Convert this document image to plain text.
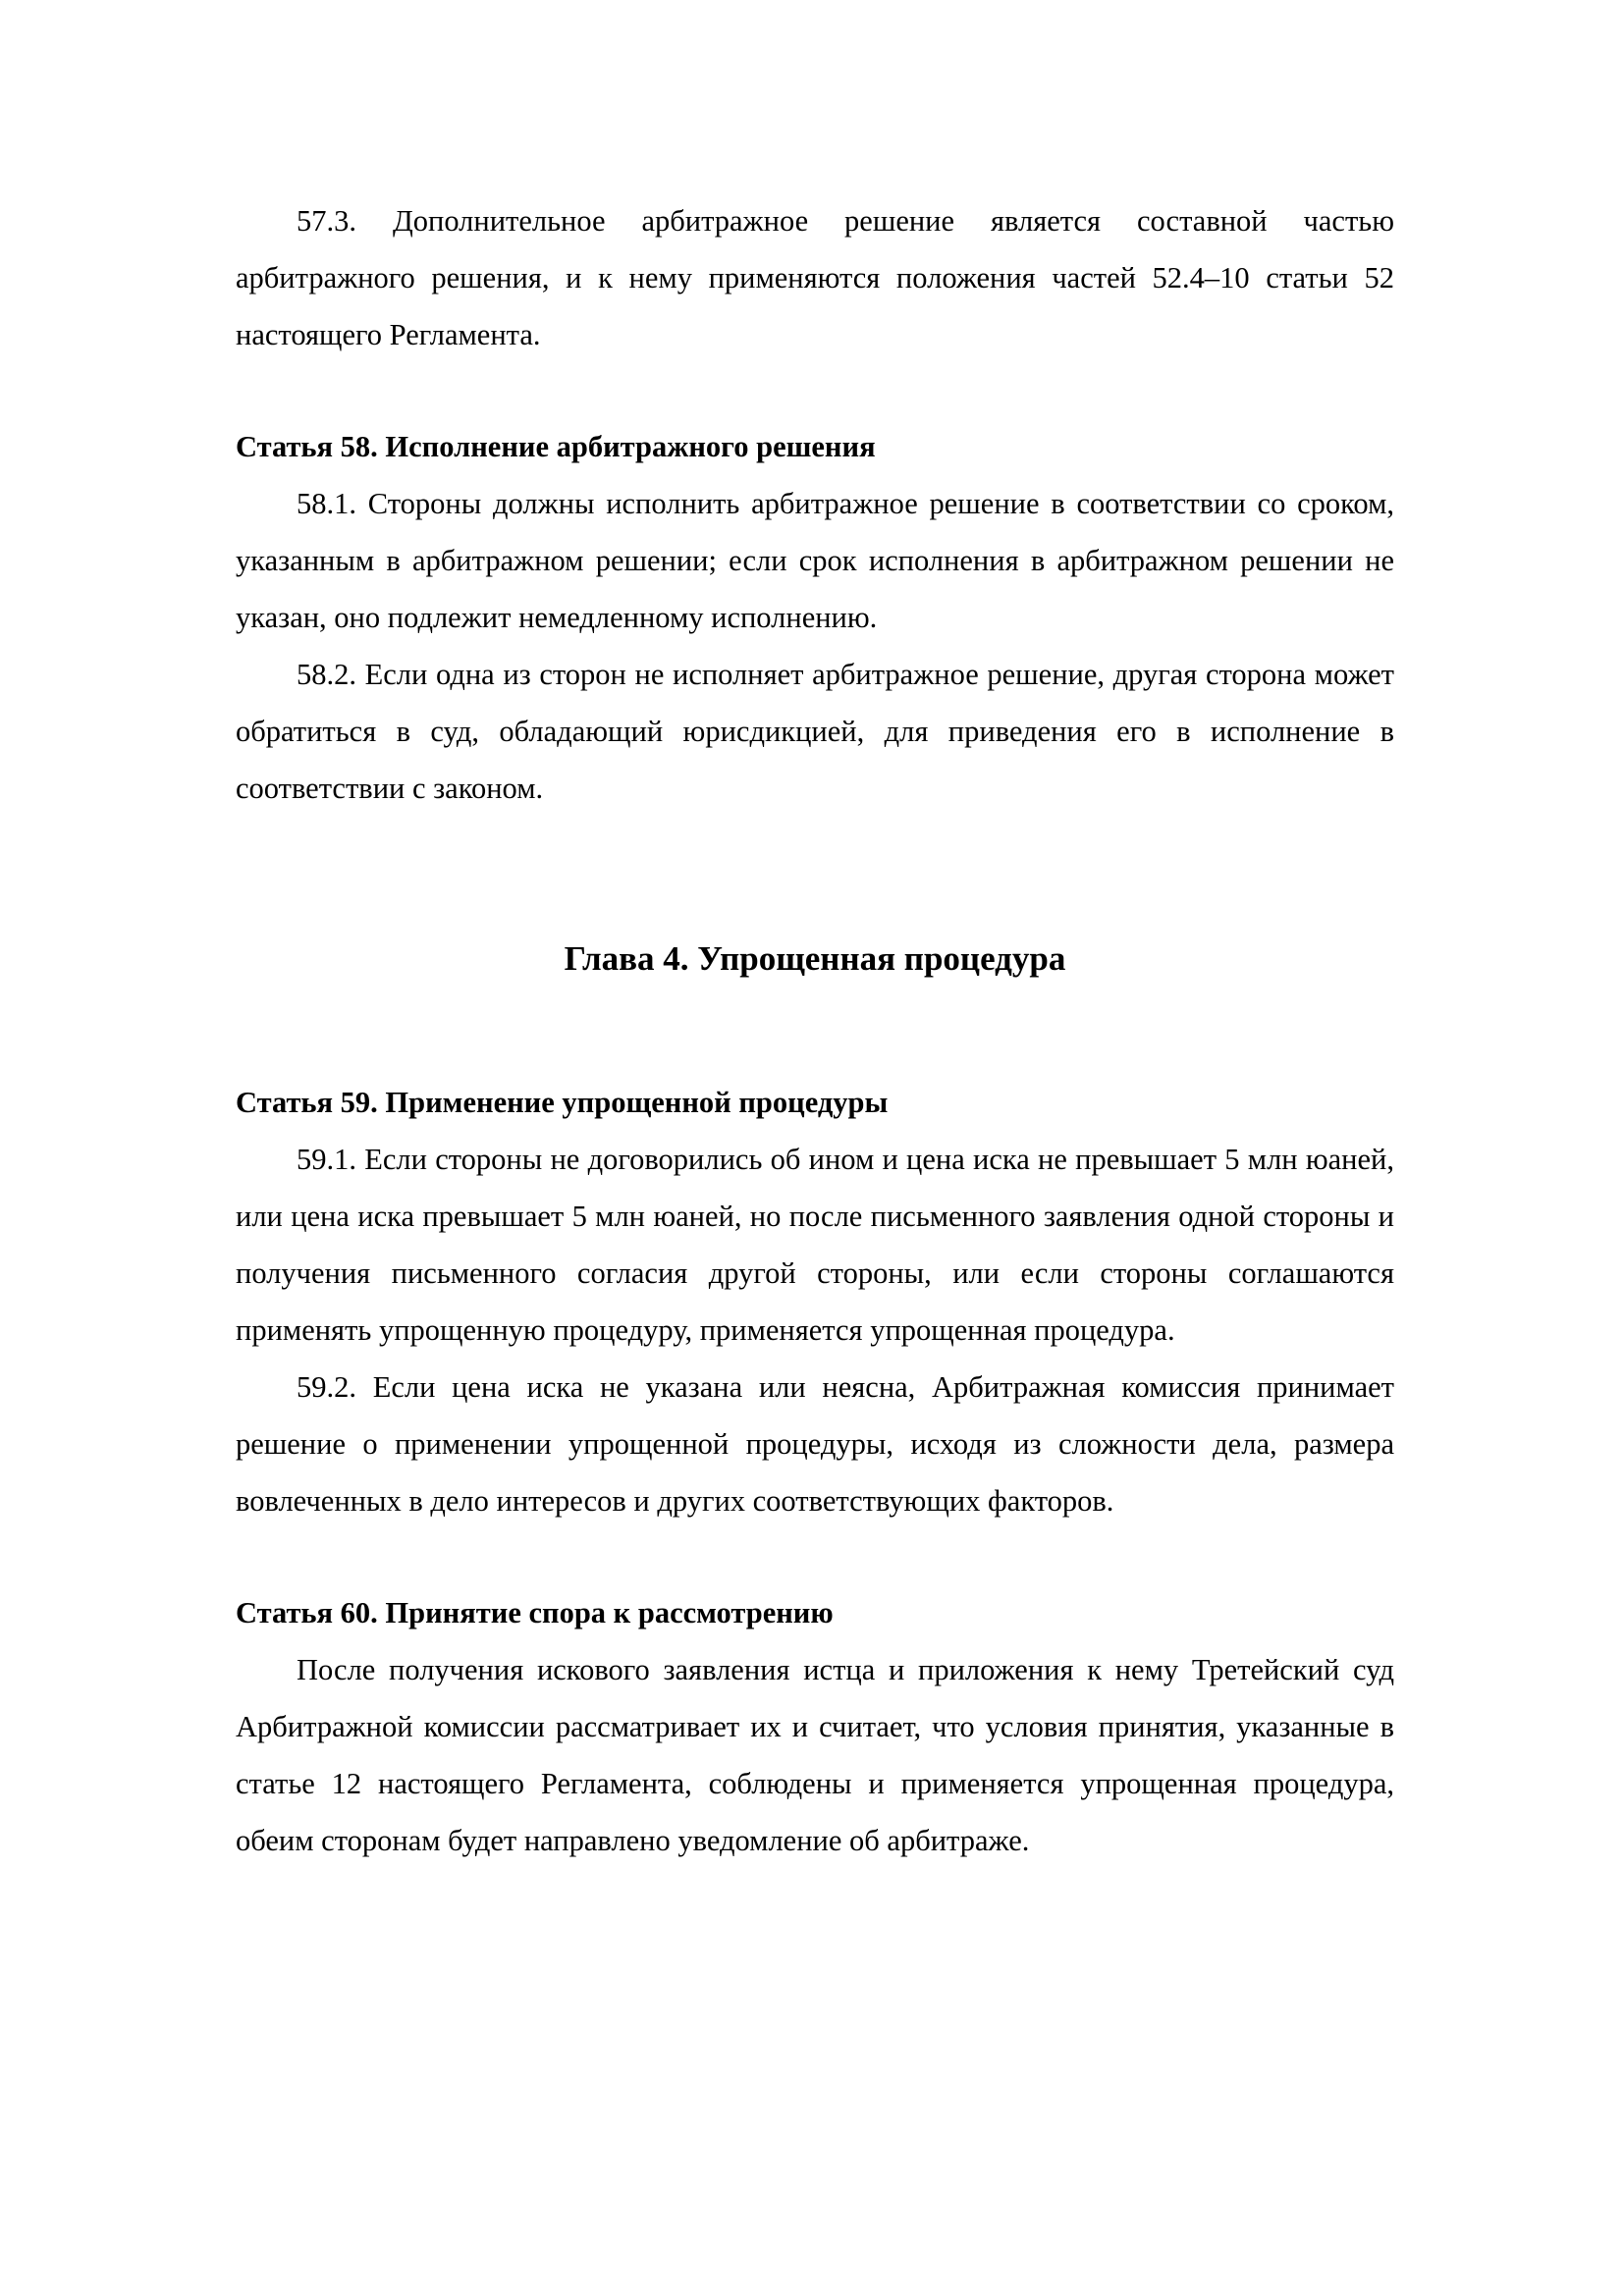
57.3. Дополнительное арбитражное решение является составной частью арбитражного решения, и к нему применяются положения частей 52.4–10 статьи 52 настоящего Регламента.

Статья 58. Исполнение арбитражного решения

58.1. Стороны должны исполнить арбитражное решение в соответствии со сроком, указанным в арбитражном решении; если срок исполнения в арбитражном решении не указан, оно подлежит немедленному исполнению.

58.2. Если одна из сторон не исполняет арбитражное решение, другая сторона может обратиться в суд, обладающий юрисдикцией, для приведения его в исполнение в соответствии с законом.

Глава 4. Упрощенная процедура

Статья 59. Применение упрощенной процедуры

59.1. Если стороны не договорились об ином и цена иска не превышает 5 млн юаней, или цена иска превышает 5 млн юаней, но после письменного заявления одной стороны и получения письменного согласия другой стороны, или если стороны соглашаются применять упрощенную процедуру, применяется упрощенная процедура.

59.2. Если цена иска не указана или неясна, Арбитражная комиссия принимает решение о применении упрощенной процедуры, исходя из сложности дела, размера вовлеченных в дело интересов и других соответствующих факторов.

Статья 60. Принятие спора к рассмотрению

После получения искового заявления истца и приложения к нему Третейский суд Арбитражной комиссии рассматривает их и считает, что условия принятия, указанные в статье 12 настоящего Регламента, соблюдены и применяется упрощенная процедура, обеим сторонам будет направлено уведомление об арбитраже.
